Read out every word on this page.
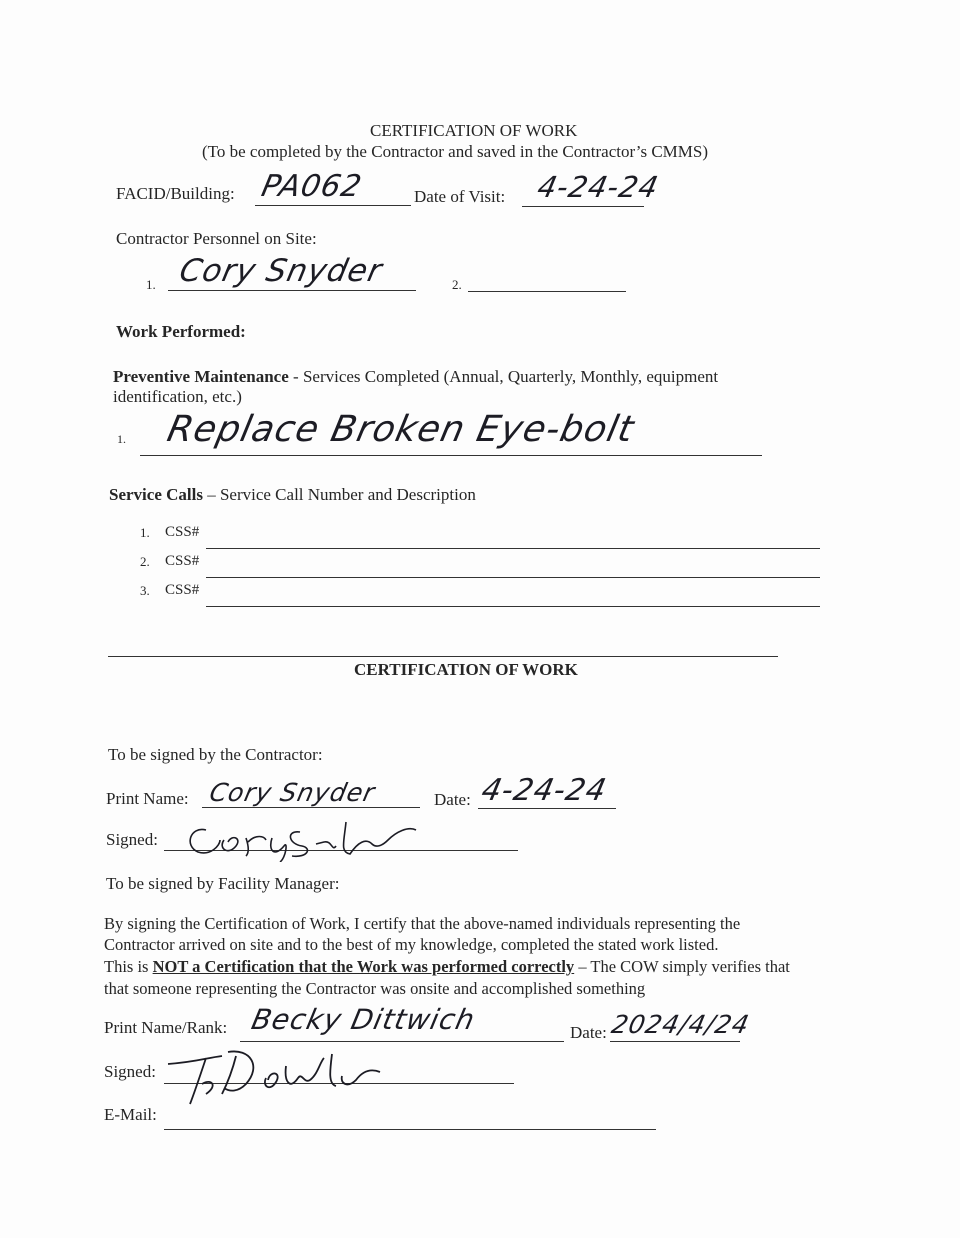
CERTIFICATION OF WORK
(To be completed by the Contractor and saved in the Contractor’s CMMS)
FACID/Building: PA062	Date of Visit: 4-24-24
Contractor Personnel on Site:
1. Cory Snyder	2.
Work Performed:
Preventive Maintenance - Services Completed (Annual, Quarterly, Monthly, equipment
identification, etc.)
1. Replace Broken Eye-bolt
Service Calls – Service Call Number and Description
1. CSS#
2. CSS#
3. CSS#
CERTIFICATION OF WORK
To be signed by the Contractor:
Print Name: Cory Snyder	Date: 4-24-24
Signed:
To be signed by Facility Manager:
By signing the Certification of Work, I certify that the above-named individuals representing the
Contractor arrived on site and to the best of my knowledge, completed the stated work listed.
This is NOT a Certification that the Work was performed correctly – The COW simply verifies that
that someone representing the Contractor was onsite and accomplished something
Print Name/Rank: Becky Dittwich	Date: 2024/4/24
Signed:
E-Mail:
